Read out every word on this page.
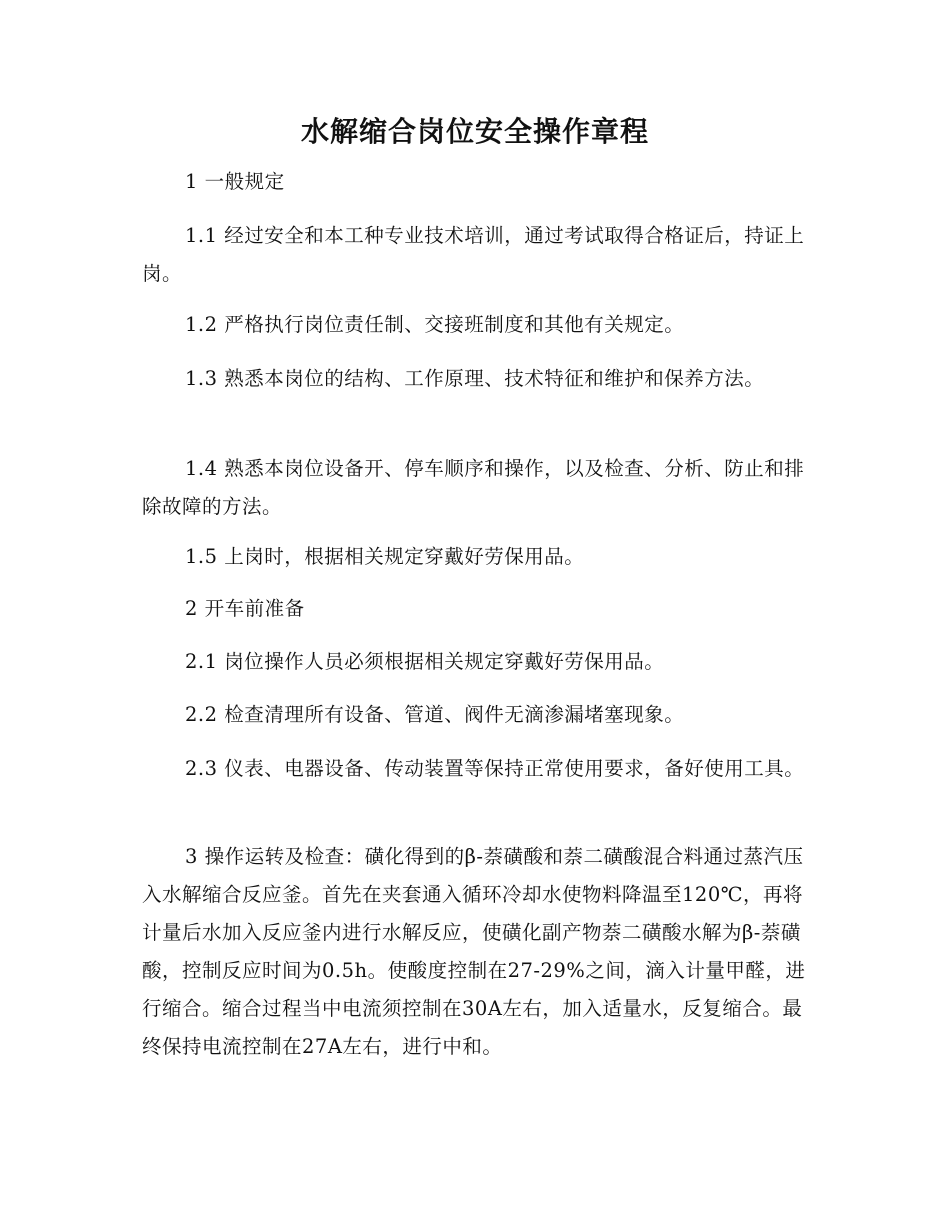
水解缩合岗位安全操作章程

1 一般规定

1.1 经过安全和本工种专业技术培训，通过考试取得合格证后，持证上岗。

1.2 严格执行岗位责任制、交接班制度和其他有关规定。

1.3 熟悉本岗位的结构、工作原理、技术特征和维护和保养方法。

1.4 熟悉本岗位设备开、停车顺序和操作，以及检查、分析、防止和排除故障的方法。

1.5 上岗时，根据相关规定穿戴好劳保用品。

2 开车前准备

2.1 岗位操作人员必须根据相关规定穿戴好劳保用品。

2.2 检查清理所有设备、管道、阀件无滴渗漏堵塞现象。

2.3 仪表、电器设备、传动装置等保持正常使用要求，备好使用工具。

3 操作运转及检查：磺化得到的β-萘磺酸和萘二磺酸混合料通过蒸汽压入水解缩合反应釜。首先在夹套通入循环冷却水使物料降温至120℃，再将计量后水加入反应釜内进行水解反应，使磺化副产物萘二磺酸水解为β-萘磺酸，控制反应时间为0.5h。使酸度控制在27-29%之间，滴入计量甲醛，进行缩合。缩合过程当中电流须控制在30A左右，加入适量水，反复缩合。最终保持电流控制在27A左右，进行中和。
